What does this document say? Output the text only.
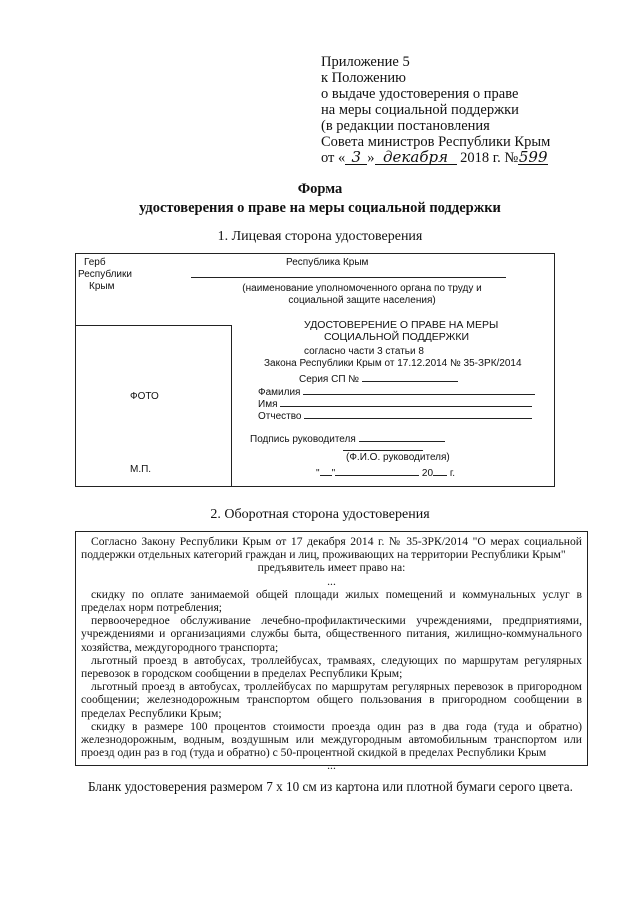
Приложение 5
к Положению
о выдаче удостоверения о праве
на меры социальной поддержки
(в редакции постановления
Совета министров Республики Крым
от « 3 » декабря 2018 г. №599
Форма
удостоверения о праве на меры социальной поддержки
1. Лицевая сторона удостоверения
Герб
Республики
Крым
Республика Крым
(наименование уполномоченного органа по труду и
социальной защите населения)
УДОСТОВЕРЕНИЕ О ПРАВЕ НА МЕРЫ
СОЦИАЛЬНОЙ ПОДДЕРЖКИ
согласно части 3 статьи 8
Закона Республики Крым от 17.12.2014 № 35-ЗРК/2014
Серия СП №
Фамилия
Имя
Отчество
ФОТО
Подпись руководителя
(Ф.И.О. руководителя)
" "	20 г.
М.П.
2. Оборотная сторона удостоверения

Согласно Закону Республики Крым от 17 декабря 2014 г. № 35-ЗРК/2014 "О мерах социальной поддержки отдельных категорий граждан и лиц, проживающих на территории Республики Крым"

предъявитель имеет право на:

...

скидку по оплате занимаемой общей площади жилых помещений и коммунальных услуг в пределах норм потребления;

первоочередное обслуживание лечебно-профилактическими учреждениями, предприятиями, учреждениями и организациями службы быта, общественного питания, жилищно-коммунального хозяйства, междугородного транспорта;

льготный проезд в автобусах, троллейбусах, трамваях, следующих по маршрутам регулярных перевозок в городском сообщении в пределах Республики Крым;

льготный проезд в автобусах, троллейбусах по маршрутам регулярных перевозок в пригородном сообщении; железнодорожным транспортом общего пользования в пригородном сообщении в пределах Республики Крым;

скидку в размере 100 процентов стоимости проезда один раз в два года (туда и обратно) железнодорожным, водным, воздушным или междугородным автомобильным транспортом или проезд один раз в год (туда и обратно) с 50-процентной скидкой в пределах Республики Крым

...

Бланк удостоверения размером 7 х 10 см из картона или плотной бумаги серого цвета.
